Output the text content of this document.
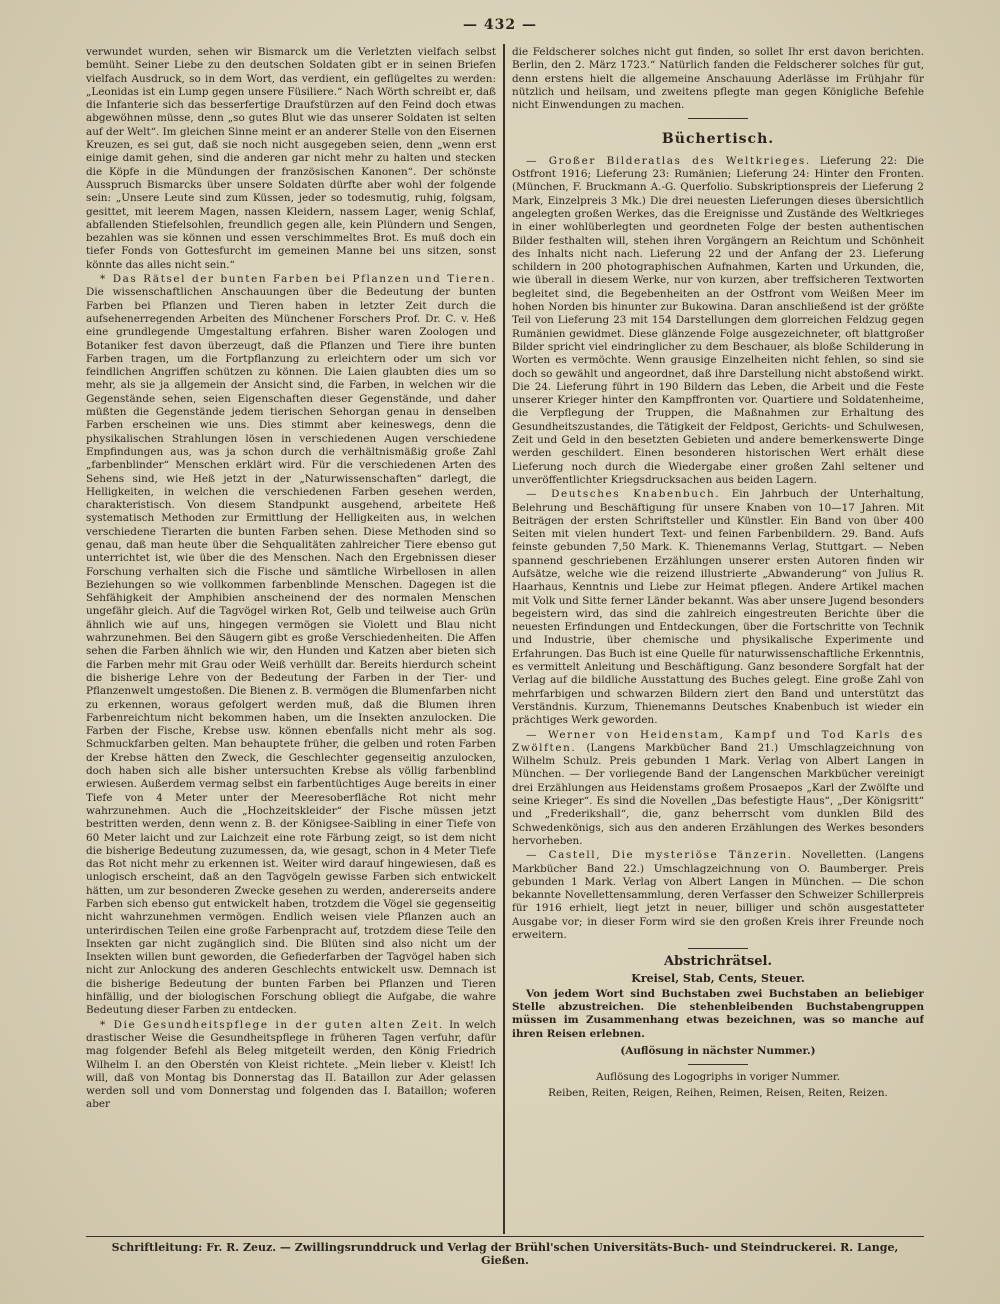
— 432 —

verwundet wurden, sehen wir Bismarck um die Verletzten vielfach selbst bemüht. Seiner Liebe zu den deutschen Soldaten gibt er in seinen Briefen vielfach Ausdruck, so in dem Wort, das verdient, ein geflügeltes zu werden: „Leonidas ist ein Lump gegen unsere Füsiliere.“ Nach Wörth schreibt er, daß die Infanterie sich das besserfertige Draufstürzen auf den Feind doch etwas abgewöhnen müsse, denn „so gutes Blut wie das unserer Soldaten ist selten auf der Welt“. Im gleichen Sinne meint er an anderer Stelle von den Eisernen Kreuzen, es sei gut, daß sie noch nicht ausgegeben seien, denn „wenn erst einige damit gehen, sind die anderen gar nicht mehr zu halten und stecken die Köpfe in die Mündungen der französischen Kanonen“. Der schönste Ausspruch Bismarcks über unsere Soldaten dürfte aber wohl der folgende sein: „Unsere Leute sind zum Küssen, jeder so todesmutig, ruhig, folgsam, gesittet, mit leerem Magen, nassen Kleidern, nassem Lager, wenig Schlaf, abfallenden Stiefelsohlen, freundlich gegen alle, kein Plündern und Sengen, bezahlen was sie können und essen verschimmeltes Brot. Es muß doch ein tiefer Fonds von Gottesfurcht im gemeinen Manne bei uns sitzen, sonst könnte das alles nicht sein.“

* Das Rätsel der bunten Farben bei Pflanzen und Tieren. Die wissenschaftlichen Anschauungen über die Bedeutung der bunten Farben bei Pflanzen und Tieren haben in letzter Zeit durch die aufsehenerregenden Arbeiten des Münchener Forschers Prof. Dr. C. v. Heß eine grundlegende Umgestaltung erfahren. Bisher waren Zoologen und Botaniker fest davon überzeugt, daß die Pflanzen und Tiere ihre bunten Farben tragen, um die Fortpflanzung zu erleichtern oder um sich vor feindlichen Angriffen schützen zu können. Die Laien glaubten dies um so mehr, als sie ja allgemein der Ansicht sind, die Farben, in welchen wir die Gegenstände sehen, seien Eigenschaften dieser Gegenstände, und daher müßten die Gegenstände jedem tierischen Sehorgan genau in denselben Farben erscheinen wie uns. Dies stimmt aber keineswegs, denn die physikalischen Strahlungen lösen in verschiedenen Augen verschiedene Empfindungen aus, was ja schon durch die verhältnismäßig große Zahl „farbenblinder“ Menschen erklärt wird. Für die verschiedenen Arten des Sehens sind, wie Heß jetzt in der „Naturwissenschaften“ darlegt, die Helligkeiten, in welchen die verschiedenen Farben gesehen werden, charakteristisch. Von diesem Standpunkt ausgehend, arbeitete Heß systematisch Methoden zur Ermittlung der Helligkeiten aus, in welchen verschiedene Tierarten die bunten Farben sehen. Diese Methoden sind so genau, daß man heute über die Sehqualitäten zahlreicher Tiere ebenso gut unterrichtet ist, wie über die des Menschen. Nach den Ergebnissen dieser Forschung verhalten sich die Fische und sämtliche Wirbellosen in allen Beziehungen so wie vollkommen farbenblinde Menschen. Dagegen ist die Sehfähigkeit der Amphibien anscheinend der des normalen Menschen ungefähr gleich. Auf die Tagvögel wirken Rot, Gelb und teilweise auch Grün ähnlich wie auf uns, hingegen vermögen sie Violett und Blau nicht wahrzunehmen. Bei den Säugern gibt es große Verschiedenheiten. Die Affen sehen die Farben ähnlich wie wir, den Hunden und Katzen aber bieten sich die Farben mehr mit Grau oder Weiß verhüllt dar. Bereits hierdurch scheint die bisherige Lehre von der Bedeutung der Farben in der Tier- und Pflanzenwelt umgestoßen. Die Bienen z. B. vermögen die Blumenfarben nicht zu erkennen, woraus gefolgert werden muß, daß die Blumen ihren Farbenreichtum nicht bekommen haben, um die Insekten anzulocken. Die Farben der Fische, Krebse usw. können ebenfalls nicht mehr als sog. Schmuckfarben gelten. Man behauptete früher, die gelben und roten Farben der Krebse hätten den Zweck, die Geschlechter gegenseitig anzulocken, doch haben sich alle bisher untersuchten Krebse als völlig farbenblind erwiesen. Außerdem vermag selbst ein farbentüchtiges Auge bereits in einer Tiefe von 4 Meter unter der Meeresoberfläche Rot nicht mehr wahrzunehmen. Auch die „Hochzeitskleider“ der Fische müssen jetzt bestritten werden, denn wenn z. B. der Königsee-Saibling in einer Tiefe von 60 Meter laicht und zur Laichzeit eine rote Färbung zeigt, so ist dem nicht die bisherige Bedeutung zuzumessen, da, wie gesagt, schon in 4 Meter Tiefe das Rot nicht mehr zu erkennen ist. Weiter wird darauf hingewiesen, daß es unlogisch erscheint, daß an den Tagvögeln gewisse Farben sich entwickelt hätten, um zur besonderen Zwecke gesehen zu werden, andererseits andere Farben sich ebenso gut entwickelt haben, trotzdem die Vögel sie gegenseitig nicht wahrzunehmen vermögen. Endlich weisen viele Pflanzen auch an unterirdischen Teilen eine große Farbenpracht auf, trotzdem diese Teile den Insekten gar nicht zugänglich sind. Die Blüten sind also nicht um der Insekten willen bunt geworden, die Gefiederfarben der Tagvögel haben sich nicht zur Anlockung des anderen Geschlechts entwickelt usw. Demnach ist die bisherige Bedeutung der bunten Farben bei Pflanzen und Tieren hinfällig, und der biologischen Forschung obliegt die Aufgabe, die wahre Bedeutung dieser Farben zu entdecken.

* Die Gesundheitspflege in der guten alten Zeit. In welch drastischer Weise die Gesundheitspflege in früheren Tagen verfuhr, dafür mag folgender Befehl als Beleg mitgeteilt werden, den König Friedrich Wilhelm I. an den Oberstén von Kleist richtete. „Mein lieber v. Kleist! Ich will, daß von Montag bis Donnerstag das II. Bataillon zur Ader gelassen werden soll und vom Donnerstag und folgenden das I. Bataillon; woferen aber

die Feldscherer solches nicht gut finden, so sollet Ihr erst davon berichten. Berlin, den 2. März 1723.“ Natürlich fanden die Feldscherer solches für gut, denn erstens hielt die allgemeine Anschauung Aderlässe im Frühjahr für nützlich und heilsam, und zweitens pflegte man gegen Königliche Befehle nicht Einwendungen zu machen.

Büchertisch.

— Großer Bilderatlas des Weltkrieges. Lieferung 22: Die Ostfront 1916; Lieferung 23: Rumänien; Lieferung 24: Hinter den Fronten. (München, F. Bruckmann A.-G. Querfolio. Subskriptionspreis der Lieferung 2 Mark, Einzelpreis 3 Mk.) Die drei neuesten Lieferungen dieses übersichtlich angelegten großen Werkes, das die Ereignisse und Zustände des Weltkrieges in einer wohlüberlegten und geordneten Folge der besten authentischen Bilder festhalten will, stehen ihren Vorgängern an Reichtum und Schönheit des Inhalts nicht nach. Lieferung 22 und der Anfang der 23. Lieferung schildern in 200 photographischen Aufnahmen, Karten und Urkunden, die, wie überall in diesem Werke, nur von kurzen, aber treffsicheren Textworten begleitet sind, die Begebenheiten an der Ostfront vom Weißen Meer im hohen Norden bis hinunter zur Bukowina. Daran anschließend ist der größte Teil von Lieferung 23 mit 154 Darstellungen dem glorreichen Feldzug gegen Rumänien gewidmet. Diese glänzende Folge ausgezeichneter, oft blattgroßer Bilder spricht viel eindringlicher zu dem Beschauer, als bloße Schilderung in Worten es vermöchte. Wenn grausige Einzelheiten nicht fehlen, so sind sie doch so gewählt und angeordnet, daß ihre Darstellung nicht abstoßend wirkt. Die 24. Lieferung führt in 190 Bildern das Leben, die Arbeit und die Feste unserer Krieger hinter den Kampffronten vor. Quartiere und Soldatenheime, die Verpflegung der Truppen, die Maßnahmen zur Erhaltung des Gesundheitszustandes, die Tätigkeit der Feldpost, Gerichts- und Schulwesen, Zeit und Geld in den besetzten Gebieten und andere bemerkenswerte Dinge werden geschildert. Einen besonderen historischen Wert erhält diese Lieferung noch durch die Wiedergabe einer großen Zahl seltener und unveröffentlichter Kriegsdrucksachen aus beiden Lagern.

— Deutsches Knabenbuch. Ein Jahrbuch der Unterhaltung, Belehrung und Beschäftigung für unsere Knaben von 10—17 Jahren. Mit Beiträgen der ersten Schriftsteller und Künstler. Ein Band von über 400 Seiten mit vielen hundert Text- und feinen Farbenbildern. 29. Band. Aufs feinste gebunden 7,50 Mark. K. Thienemanns Verlag, Stuttgart. — Neben spannend geschriebenen Erzählungen unserer ersten Autoren finden wir Aufsätze, welche wie die reizend illustrierte „Abwanderung“ von Julius R. Haarhaus, Kenntnis und Liebe zur Heimat pflegen. Andere Artikel machen mit Volk und Sitte ferner Länder bekannt. Was aber unsere Jugend besonders begeistern wird, das sind die zahlreich eingestreuten Berichte über die neuesten Erfindungen und Entdeckungen, über die Fortschritte von Technik und Industrie, über chemische und physikalische Experimente und Erfahrungen. Das Buch ist eine Quelle für naturwissenschaftliche Erkenntnis, es vermittelt Anleitung und Beschäftigung. Ganz besondere Sorgfalt hat der Verlag auf die bildliche Ausstattung des Buches gelegt. Eine große Zahl von mehrfarbigen und schwarzen Bildern ziert den Band und unterstützt das Verständnis. Kurzum, Thienemanns Deutsches Knabenbuch ist wieder ein prächtiges Werk geworden.

— Werner von Heidenstam, Kampf und Tod Karls des Zwölften. (Langens Markbücher Band 21.) Umschlagzeichnung von Wilhelm Schulz. Preis gebunden 1 Mark. Verlag von Albert Langen in München. — Der vorliegende Band der Langenschen Markbücher vereinigt drei Erzählungen aus Heidenstams großem Prosaepos „Karl der Zwölfte und seine Krieger“. Es sind die Novellen „Das befestigte Haus“, „Der Königsritt“ und „Frederikshall“, die, ganz beherrscht vom dunklen Bild des Schwedenkönigs, sich aus den anderen Erzählungen des Werkes besonders hervorheben.

— Castell, Die mysteriöse Tänzerin. Novelletten. (Langens Markbücher Band 22.) Umschlagzeichnung von O. Baumberger. Preis gebunden 1 Mark. Verlag von Albert Langen in München. — Die schon bekannte Novellettensammlung, deren Verfasser den Schweizer Schillerpreis für 1916 erhielt, liegt jetzt in neuer, billiger und schön ausgestatteter Ausgabe vor; in dieser Form wird sie den großen Kreis ihrer Freunde noch erweitern.

Abstrichrätsel.
Kreisel, Stab, Cents, Steuer.

Von jedem Wort sind Buchstaben zwei Buchstaben an beliebiger Stelle abzustreichen. Die stehenbleibenden Buchstabengruppen müssen im Zusammenhang etwas bezeichnen, was so manche auf ihren Reisen erlebnen.

(Auflösung in nächster Nummer.)
Auflösung des Logogriphs in voriger Nummer.
Reiben, Reiten, Reigen, Reihen, Reimen, Reisen, Reiten, Reizen.
Schriftleitung: Fr. R. Zeuz. — Zwillingsrunddruck und Verlag der Brühl'schen Universitäts-Buch- und Steindruckerei. R. Lange, Gießen.
